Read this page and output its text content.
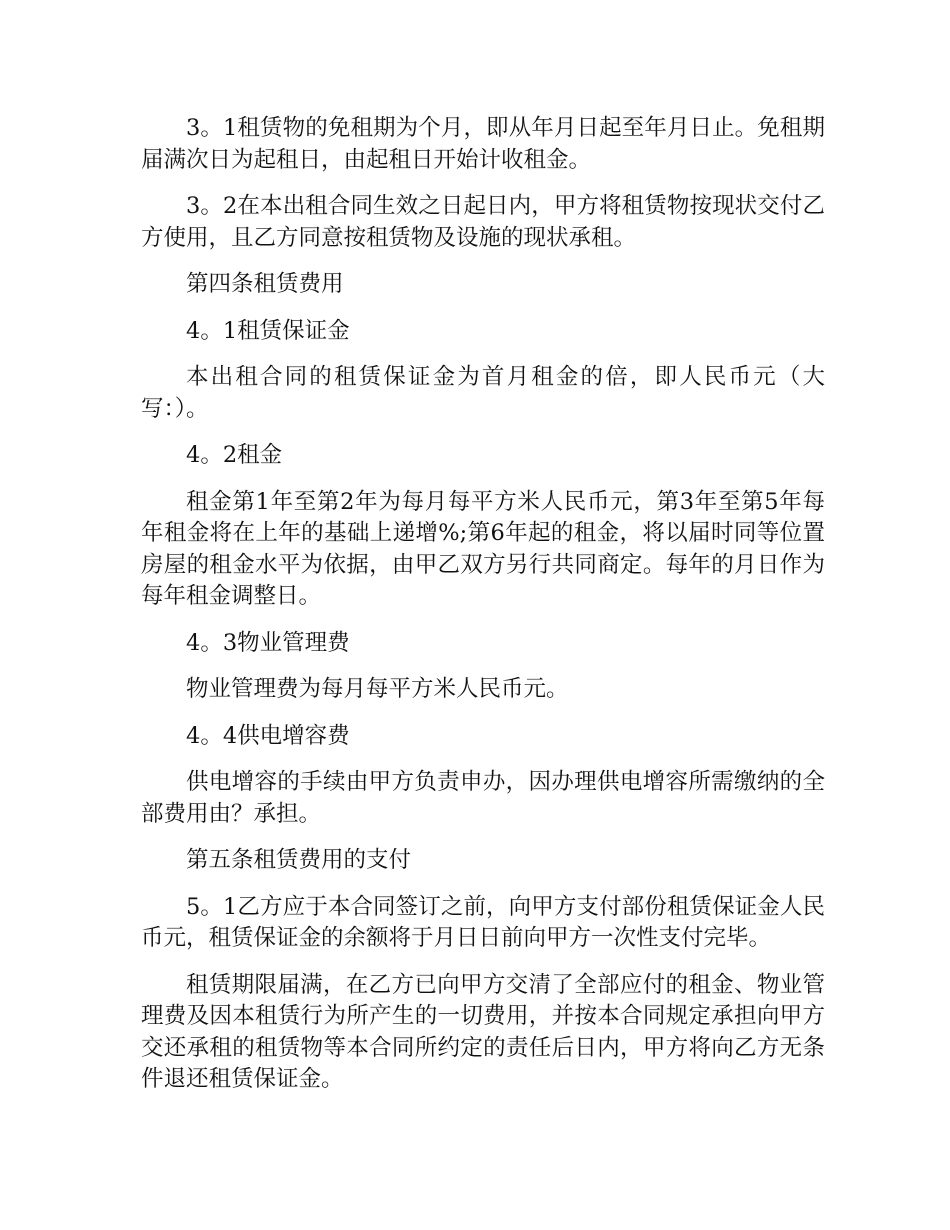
3。1租赁物的免租期为个月，即从年月日起至年月日止。免租期届满次日为起租日，由起租日开始计收租金。

3。2在本出租合同生效之日起日内，甲方将租赁物按现状交付乙方使用，且乙方同意按租赁物及设施的现状承租。

第四条租赁费用

4。1租赁保证金

本出租合同的租赁保证金为首月租金的倍，即人民币元（大写：）。

4。2租金

租金第1年至第2年为每月每平方米人民币元，第3年至第5年每年租金将在上年的基础上递增%;第6年起的租金，将以届时同等位置房屋的租金水平为依据，由甲乙双方另行共同商定。每年的月日作为每年租金调整日。

4。3物业管理费

物业管理费为每月每平方米人民币元。

4。4供电增容费

供电增容的手续由甲方负责申办，因办理供电增容所需缴纳的全部费用由？承担。

第五条租赁费用的支付

5。1乙方应于本合同签订之前，向甲方支付部份租赁保证金人民币元，租赁保证金的余额将于月日日前向甲方一次性支付完毕。

租赁期限届满，在乙方已向甲方交清了全部应付的租金、物业管理费及因本租赁行为所产生的一切费用，并按本合同规定承担向甲方交还承租的租赁物等本合同所约定的责任后日内，甲方将向乙方无条件退还租赁保证金。
